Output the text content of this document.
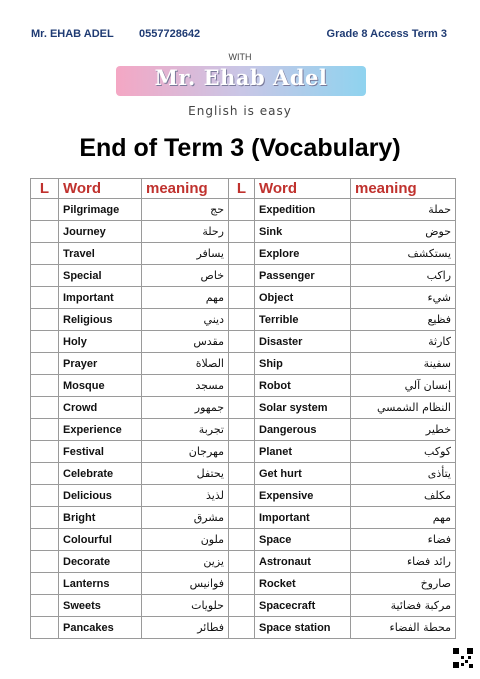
Mr. EHAB ADEL 0557728642	Grade 8 Access Term 3
WITH
Mr. Ehab Adel
English is easy
End of Term 3 (Vocabulary)
L	Word	meaning	L	Word	meaning
	Pilgrimage	حج		Expedition	حملة
	Journey	رحلة		Sink	حوض
	Travel	يسافر		Explore	يستكشف
	Special	خاص		Passenger	راكب
	Important	مهم		Object	شيء
	Religious	ديني		Terrible	فظيع
	Holy	مقدس		Disaster	كارثة
	Prayer	الصلاة		Ship	سفينة
	Mosque	مسجد		Robot	إنسان آلي
	Crowd	جمهور		Solar system	النظام الشمسي
	Experience	تجربة		Dangerous	خطير
	Festival	مهرجان		Planet	كوكب
	Celebrate	يحتفل		Get hurt	يتأذى
	Delicious	لذيذ		Expensive	مكلف
	Bright	مشرق		Important	مهم
	Colourful	ملون		Space	فضاء
	Decorate	يزين		Astronaut	رائد فضاء
	Lanterns	فوانيس		Rocket	صاروخ
	Sweets	حلويات		Spacecraft	مركبة فضائية
	Pancakes	فطائر		Space station	محطة الفضاء
